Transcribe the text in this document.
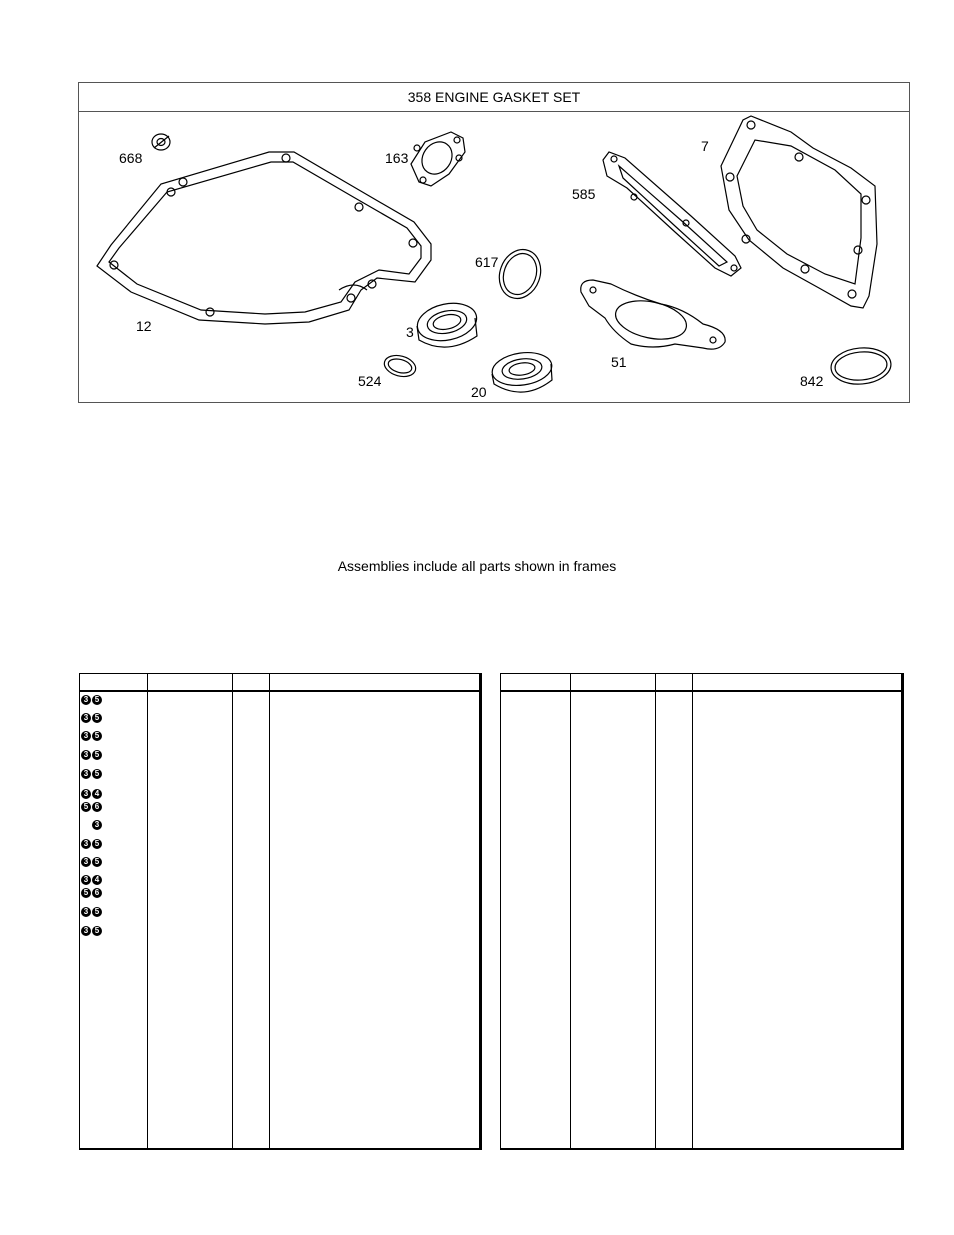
358 ENGINE GASKET SET
668	163
7
585
617
12	3
51
524
20
842
Assemblies include all parts shown in frames
3 5
3 5
3 5
3 5
3 5
3 4
5 6
3
3 5
3 5
3 4
5 6
3 5
3 5
